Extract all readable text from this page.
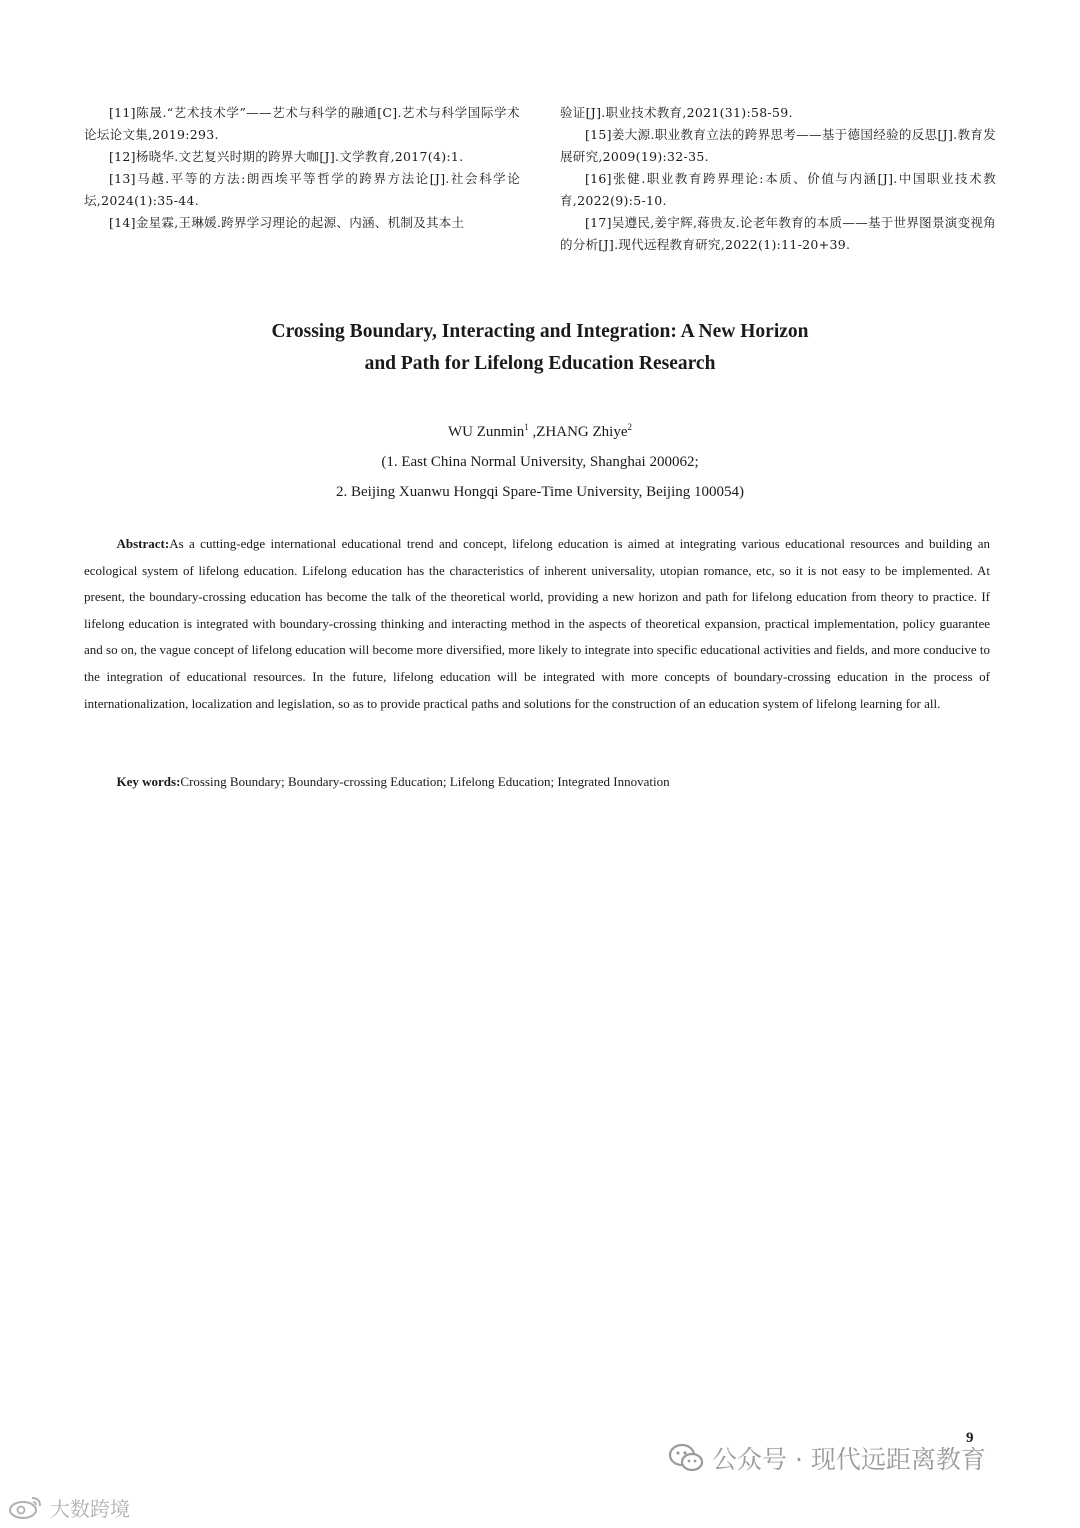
[11]陈晟.“艺术技术学”——艺术与科学的融通[C].艺术与科学国际学术论坛论文集,2019:293.

[12]杨晓华.文艺复兴时期的跨界大咖[J].文学教育,2017(4):1.

[13]马越.平等的方法:朗西埃平等哲学的跨界方法论[J].社会科学论坛,2024(1):35-44.

[14]金星霖,王琳媛.跨界学习理论的起源、内涵、机制及其本土

验证[J].职业技术教育,2021(31):58-59.

[15]姜大源.职业教育立法的跨界思考——基于德国经验的反思[J].教育发展研究,2009(19):32-35.

[16]张健.职业教育跨界理论:本质、价值与内涵[J].中国职业技术教育,2022(9):5-10.

[17]吴遵民,姜宇辉,蒋贵友.论老年教育的本质——基于世界图景演变视角的分析[J].现代远程教育研究,2022(1):11-20+39.

Crossing Boundary, Interacting and Integration: A New Horizon
and Path for Lifelong Education Research
WU Zunmin$^1$ ,ZHANG Zhiye$^2$
(1. East China Normal University, Shanghai 200062;
2. Beijing Xuanwu Hongqi Spare-Time University, Beijing 100054)

Abstract:As a cutting-edge international educational trend and concept, lifelong education is aimed at integrating various educational resources and building an ecological system of lifelong education. Lifelong education has the characteristics of inherent universality, utopian romance, etc, so it is not easy to be implemented. At present, the boundary-crossing education has become the talk of the theoretical world, providing a new horizon and path for lifelong education from theory to practice. If lifelong education is integrated with boundary-crossing thinking and interacting method in the aspects of theoretical expansion, practical implementation, policy guarantee and so on, the vague concept of lifelong education will become more diversified, more likely to integrate into specific educational activities and fields, and more conducive to the integration of educational resources. In the future, lifelong education will be integrated with more concepts of boundary-crossing education in the process of internationalization, localization and legislation, so as to provide practical paths and solutions for the construction of an education system of lifelong learning for all.

Key words:Crossing Boundary; Boundary-crossing Education; Lifelong Education; Integrated Innovation
9
公众号 · 现代远距离教育
大数跨境
